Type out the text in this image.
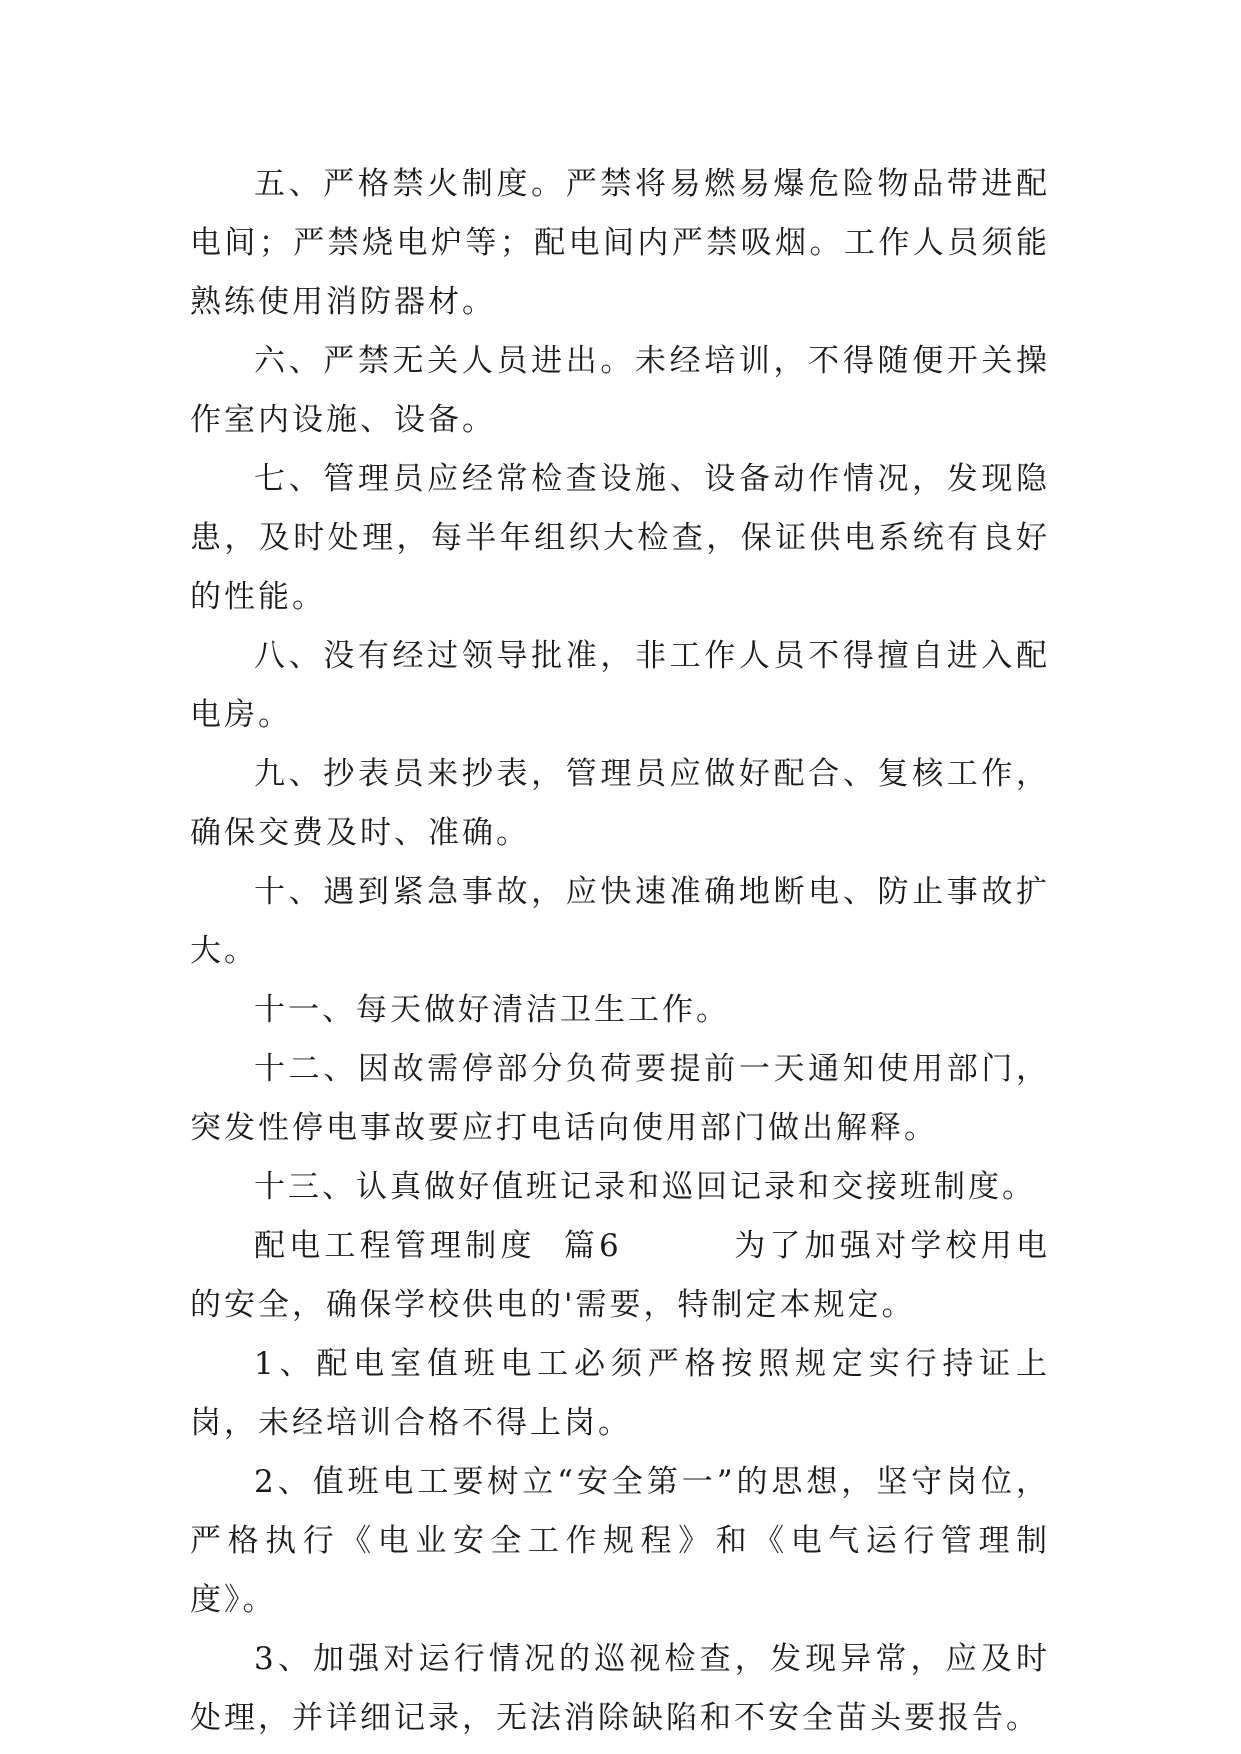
五、严格禁火制度。严禁将易燃易爆危险物品带进配电间；严禁烧电炉等；配电间内严禁吸烟。工作人员须能熟练使用消防器材。

六、严禁无关人员进出。未经培训，不得随便开关操作室内设施、设备。

七、管理员应经常检查设施、设备动作情况，发现隐患，及时处理，每半年组织大检查，保证供电系统有良好的性能。

八、没有经过领导批准，非工作人员不得擅自进入配电房。

九、抄表员来抄表，管理员应做好配合、复核工作，确保交费及时、准确。

十、遇到紧急事故，应快速准确地断电、防止事故扩大。

十一、每天做好清洁卫生工作。

十二、因故需停部分负荷要提前一天通知使用部门，突发性停电事故要应打电话向使用部门做出解释。

十三、认真做好值班记录和巡回记录和交接班制度。

配电工程管理制度  篇6        为了加强对学校用电的安全，确保学校供电的'需要，特制定本规定。

1、配电室值班电工必须严格按照规定实行持证上岗，未经培训合格不得上岗。

2、值班电工要树立“安全第一”的思想，坚守岗位，严格执行《电业安全工作规程》和《电气运行管理制度》。

3、加强对运行情况的巡视检查，发现异常，应及时处理，并详细记录，无法消除缺陷和不安全苗头要报告。
